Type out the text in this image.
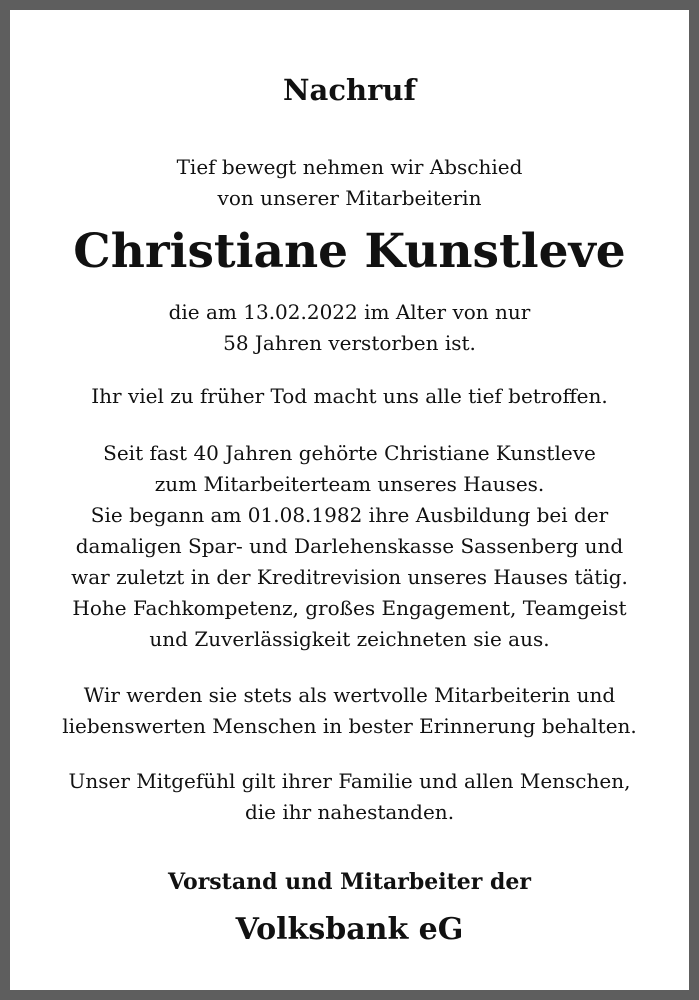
Nachruf
Tief bewegt nehmen wir Abschied
von unserer Mitarbeiterin
Christiane Kunstleve
die am 13.02.2022 im Alter von nur
58 Jahren verstorben ist.
Ihr viel zu früher Tod macht uns alle tief betroffen.
Seit fast 40 Jahren gehörte Christiane Kunstleve
zum Mitarbeiterteam unseres Hauses.
Sie begann am 01.08.1982 ihre Ausbildung bei der
damaligen Spar- und Darlehenskasse Sassenberg und
war zuletzt in der Kreditrevision unseres Hauses tätig.
Hohe Fachkompetenz, großes Engagement, Teamgeist
und Zuverlässigkeit zeichneten sie aus.
Wir werden sie stets als wertvolle Mitarbeiterin und
liebenswerten Menschen in bester Erinnerung behalten.
Unser Mitgefühl gilt ihrer Familie und allen Menschen,
die ihr nahestanden.
Vorstand und Mitarbeiter der
Volksbank eG
